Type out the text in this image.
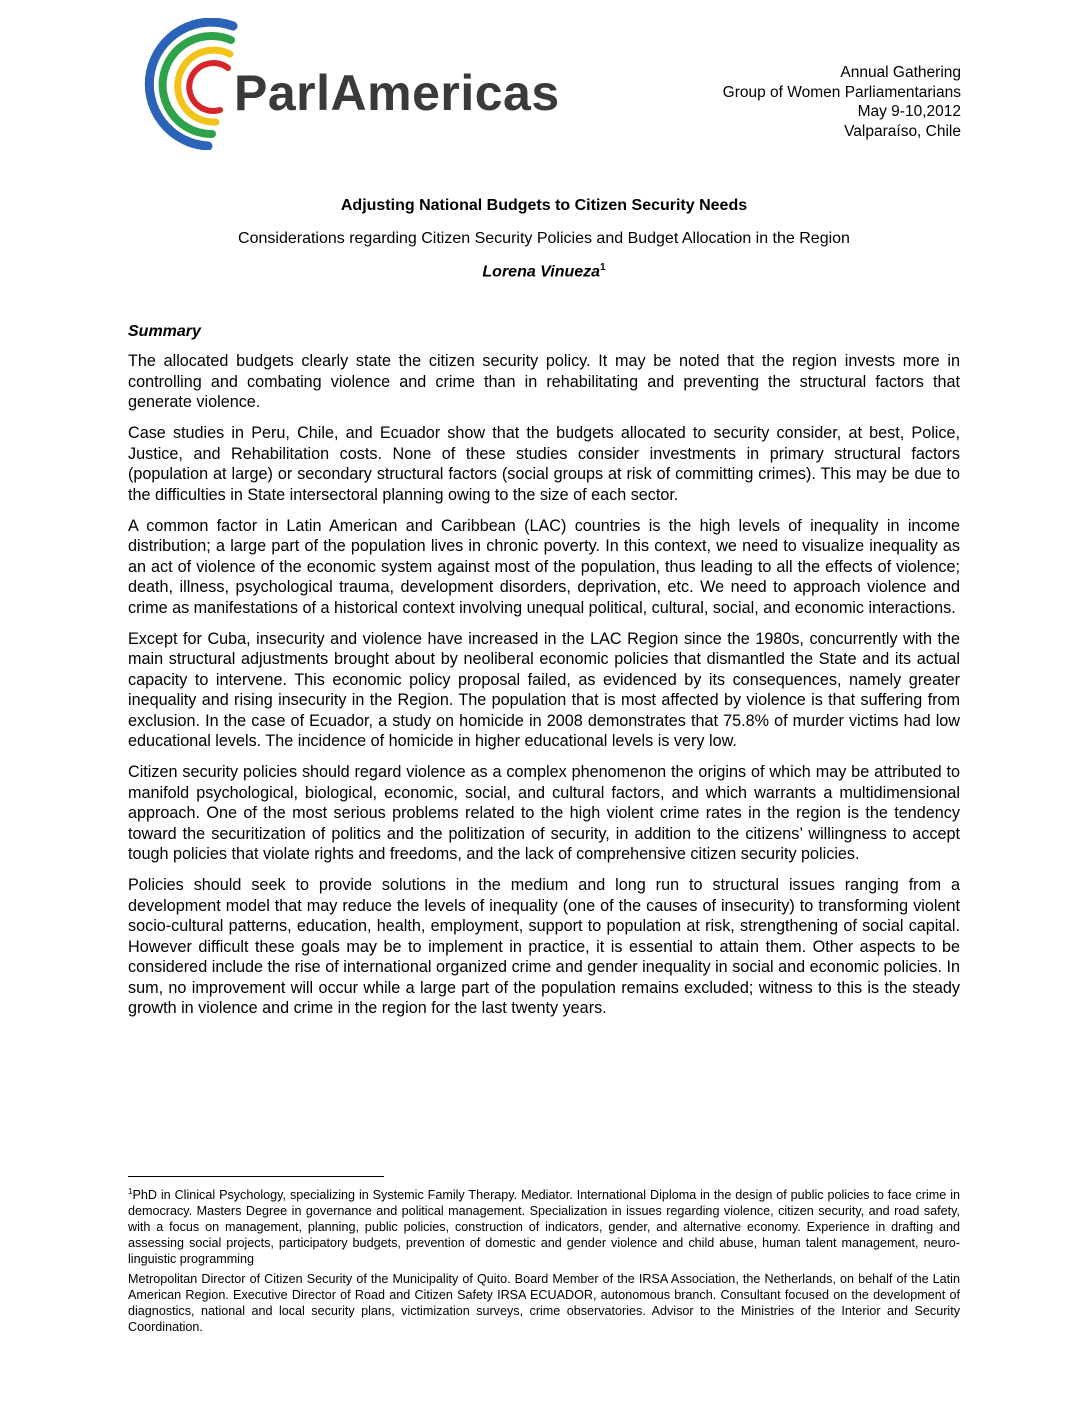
ParlAmericas	Annual Gathering
Group of Women Parliamentarians
May 9-10,2012
Valparaíso, Chile
Adjusting National Budgets to Citizen Security Needs
Considerations regarding Citizen Security Policies and Budget Allocation in the Region
Lorena Vinueza$^1$
Summary

The allocated budgets clearly state the citizen security policy. It may be noted that the region invests more in controlling and combating violence and crime than in rehabilitating and preventing the structural factors that generate violence.

Case studies in Peru, Chile, and Ecuador show that the budgets allocated to security consider, at best, Police, Justice, and Rehabilitation costs. None of these studies consider investments in primary structural factors (population at large) or secondary structural factors (social groups at risk of committing crimes). This may be due to the difficulties in State intersectoral planning owing to the size of each sector.

A common factor in Latin American and Caribbean (LAC) countries is the high levels of inequality in income distribution; a large part of the population lives in chronic poverty. In this context, we need to visualize inequality as an act of violence of the economic system against most of the population, thus leading to all the effects of violence; death, illness, psychological trauma, development disorders, deprivation, etc. We need to approach violence and crime as manifestations of a historical context involving unequal political, cultural, social, and economic interactions.

Except for Cuba, insecurity and violence have increased in the LAC Region since the 1980s, concurrently with the main structural adjustments brought about by neoliberal economic policies that dismantled the State and its actual capacity to intervene. This economic policy proposal failed, as evidenced by its consequences, namely greater inequality and rising insecurity in the Region. The population that is most affected by violence is that suffering from exclusion. In the case of Ecuador, a study on homicide in 2008 demonstrates that 75.8% of murder victims had low educational levels. The incidence of homicide in higher educational levels is very low.

Citizen security policies should regard violence as a complex phenomenon the origins of which may be attributed to manifold psychological, biological, economic, social, and cultural factors, and which warrants a multidimensional approach. One of the most serious problems related to the high violent crime rates in the region is the tendency toward the securitization of politics and the politization of security, in addition to the citizens’ willingness to accept tough policies that violate rights and freedoms, and the lack of comprehensive citizen security policies.

Policies should seek to provide solutions in the medium and long run to structural issues ranging from a development model that may reduce the levels of inequality (one of the causes of insecurity) to transforming violent socio-cultural patterns, education, health, employment, support to population at risk, strengthening of social capital. However difficult these goals may be to implement in practice, it is essential to attain them. Other aspects to be considered include the rise of international organized crime and gender inequality in social and economic policies. In sum, no improvement will occur while a large part of the population remains excluded; witness to this is the steady growth in violence and crime in the region for the last twenty years.

$^1$PhD in Clinical Psychology, specializing in Systemic Family Therapy. Mediator. International Diploma in the design of public policies to face crime in democracy. Masters Degree in governance and political management. Specialization in issues regarding violence, citizen security, and road safety, with a focus on management, planning, public policies, construction of indicators, gender, and alternative economy. Experience in drafting and assessing social projects, participatory budgets, prevention of domestic and gender violence and child abuse, human talent management, neuro-linguistic programming

Metropolitan Director of Citizen Security of the Municipality of Quito. Board Member of the IRSA Association, the Netherlands, on behalf of the Latin American Region. Executive Director of Road and Citizen Safety IRSA ECUADOR, autonomous branch. Consultant focused on the development of diagnostics, national and local security plans, victimization surveys, crime observatories. Advisor to the Ministries of the Interior and Security Coordination.
